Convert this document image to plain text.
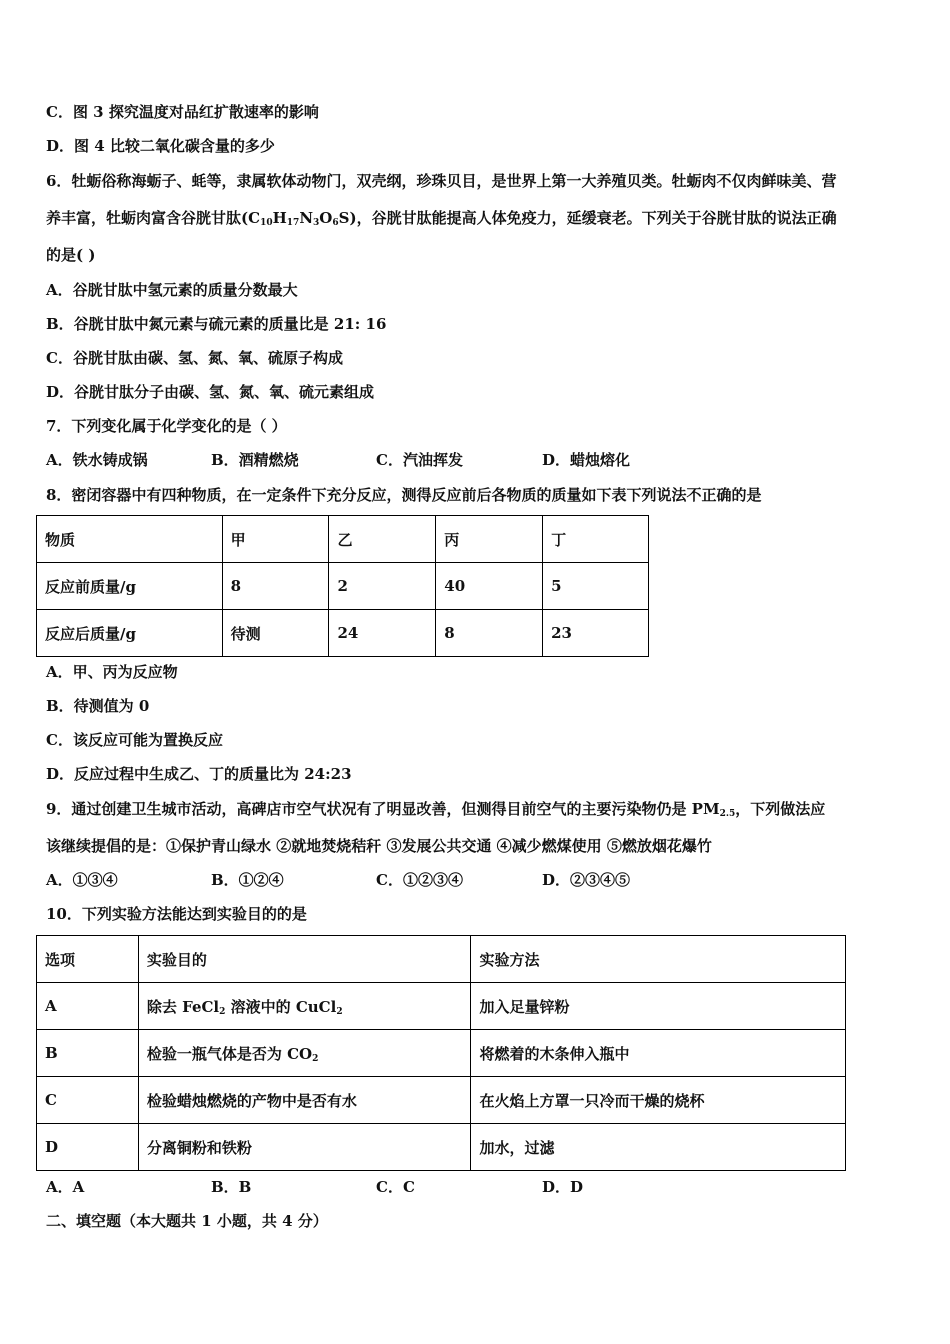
C．图 3 探究温度对品红扩散速率的影响
D．图 4 比较二氧化碳含量的多少
6．牡蛎俗称海蛎子、蚝等，隶属软体动物门，双壳纲，珍珠贝目，是世界上第一大养殖贝类。牡蛎肉不仅肉鲜味美、营
养丰富，牡蛎肉富含谷胱甘肽$(C_{10}H_{17}N_3O_6S)$，谷胱甘肽能提高人体免疫力，延缓衰老。下列关于谷胱甘肽的说法正确
的是( )
A．谷胱甘肽中氢元素的质量分数最大
B．谷胱甘肽中氮元素与硫元素的质量比是 21: 16
C．谷胱甘肽由碳、氢、氮、氧、硫原子构成
D．谷胱甘肽分子由碳、氢、氮、氧、硫元素组成
7．下列变化属于化学变化的是（ ）
A．铁水铸成锅	B．酒精燃烧	C．汽油挥发	D．蜡烛熔化
8．密闭容器中有四种物质，在一定条件下充分反应，测得反应前后各物质的质量如下表下列说法不正确的是
物质	甲	乙	丙	丁
反应前质量/g	8	2	40	5
反应后质量/g	待测	24	8	23
A．甲、丙为反应物
B．待测值为 0
C．该反应可能为置换反应
D．反应过程中生成乙、丁的质量比为 24:23
9．通过创建卫生城市活动，高碑店市空气状况有了明显改善，但测得目前空气的主要污染物仍是 $PM_{2.5}$，下列做法应
该继续提倡的是：①保护青山绿水 ②就地焚烧秸秆 ③发展公共交通 ④减少燃煤使用 ⑤燃放烟花爆竹
A．①③④	B．①②④	C．①②③④	D．②③④⑤
10．下列实验方法能达到实验目的的是
选项	实验目的	实验方法
A	除去 FeCl$_2$ 溶液中的 CuCl$_2$	加入足量锌粉
B	检验一瓶气体是否为 $CO_2$	将燃着的木条伸入瓶中
C	检验蜡烛燃烧的产物中是否有水	在火焰上方罩一只冷而干燥的烧杯
D	分离铜粉和铁粉	加水，过滤
A．A	B．B	C．C	D．D
二、填空题（本大题共 1 小题，共 4 分）
